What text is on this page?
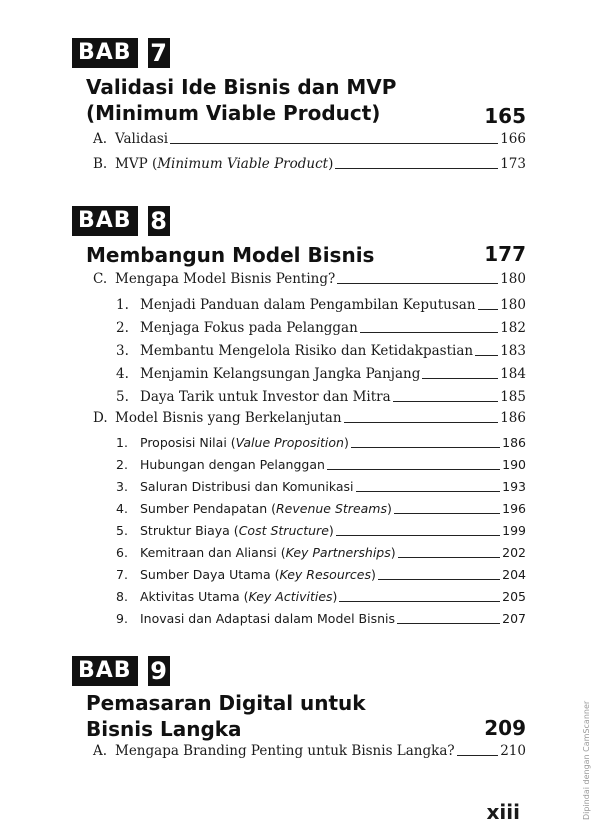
BAB 7
Validasi Ide Bisnis dan MVP
(Minimum Viable Product)	165
A. Validasi	166
B. MVP (Minimum Viable Product)	173
BAB 8
Membangun Model Bisnis	177
C. Mengapa Model Bisnis Penting?	180
1. Menjadi Panduan dalam Pengambilan Keputusan 180
2. Menjaga Fokus pada Pelanggan	182
3. Membantu Mengelola Risiko dan Ketidakpastian 183
4. Menjamin Kelangsungan Jangka Panjang	184
5. Daya Tarik untuk Investor dan Mitra	185
D. Model Bisnis yang Berkelanjutan	186
1. Proposisi Nilai (Value Proposition)	186
2. Hubungan dengan Pelanggan	190
3. Saluran Distribusi dan Komunikasi	193
4. Sumber Pendapatan (Revenue Streams)	196
5. Struktur Biaya (Cost Structure)	199
6. Kemitraan dan Aliansi (Key Partnerships)	202
7. Sumber Daya Utama (Key Resources)	204
8. Aktivitas Utama (Key Activities)	205
9. Inovasi dan Adaptasi dalam Model Bisnis	207
BAB 9
Pemasaran Digital untuk
Bisnis Langka	209
A. Mengapa Branding Penting untuk Bisnis Langka?	210
xiii	Dipindai dengan CamScanner
